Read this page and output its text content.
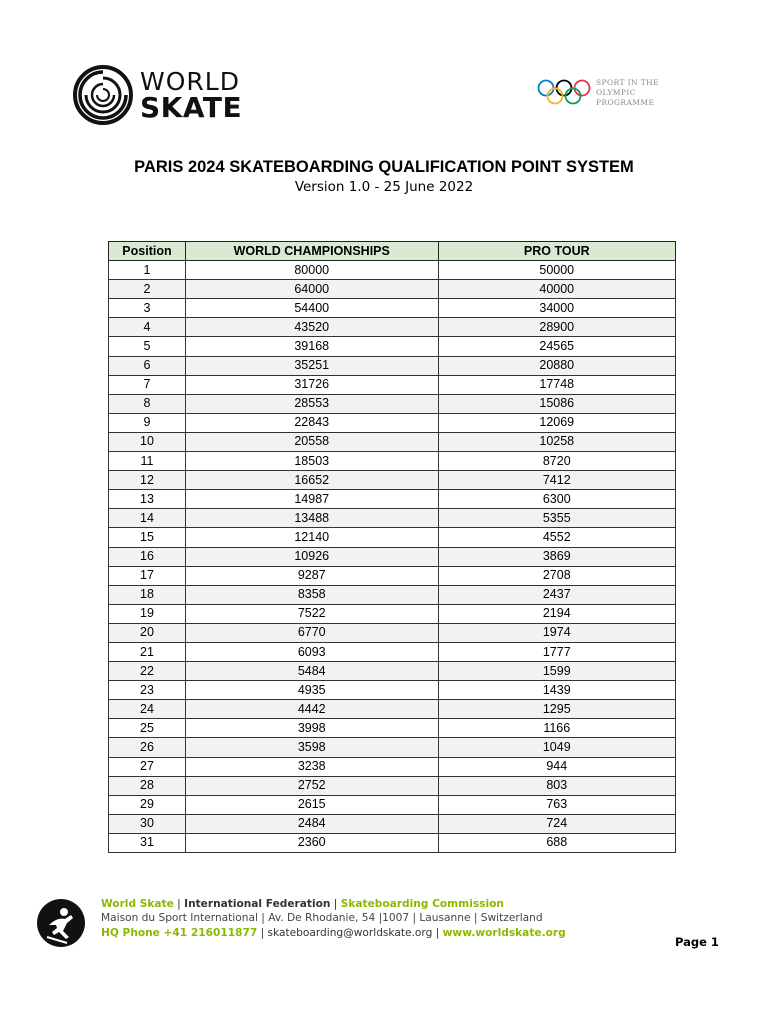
WORLD
SKATE
SPORT IN THE
OLYMPIC
PROGRAMME
PARIS 2024 SKATEBOARDING QUALIFICATION POINT SYSTEM
Version 1.0 - 25 June 2022
Position	WORLD CHAMPIONSHIPS	PRO TOUR
1	80000	50000
2	64000	40000
3	54400	34000
4	43520	28900
5	39168	24565
6	35251	20880
7	31726	17748
8	28553	15086
9	22843	12069
10	20558	10258
11	18503	8720
12	16652	7412
13	14987	6300
14	13488	5355
15	12140	4552
16	10926	3869
17	9287	2708
18	8358	2437
19	7522	2194
20	6770	1974
21	6093	1777
22	5484	1599
23	4935	1439
24	4442	1295
25	3998	1166
26	3598	1049
27	3238	944
28	2752	803
29	2615	763
30	2484	724
31	2360	688
World Skate | International Federation | Skateboarding Commission
Maison du Sport International | Av. De Rhodanie, 54 |1007 | Lausanne | Switzerland
HQ Phone +41 216011877 | skateboarding@worldskate.org | www.worldskate.org
Page 1
